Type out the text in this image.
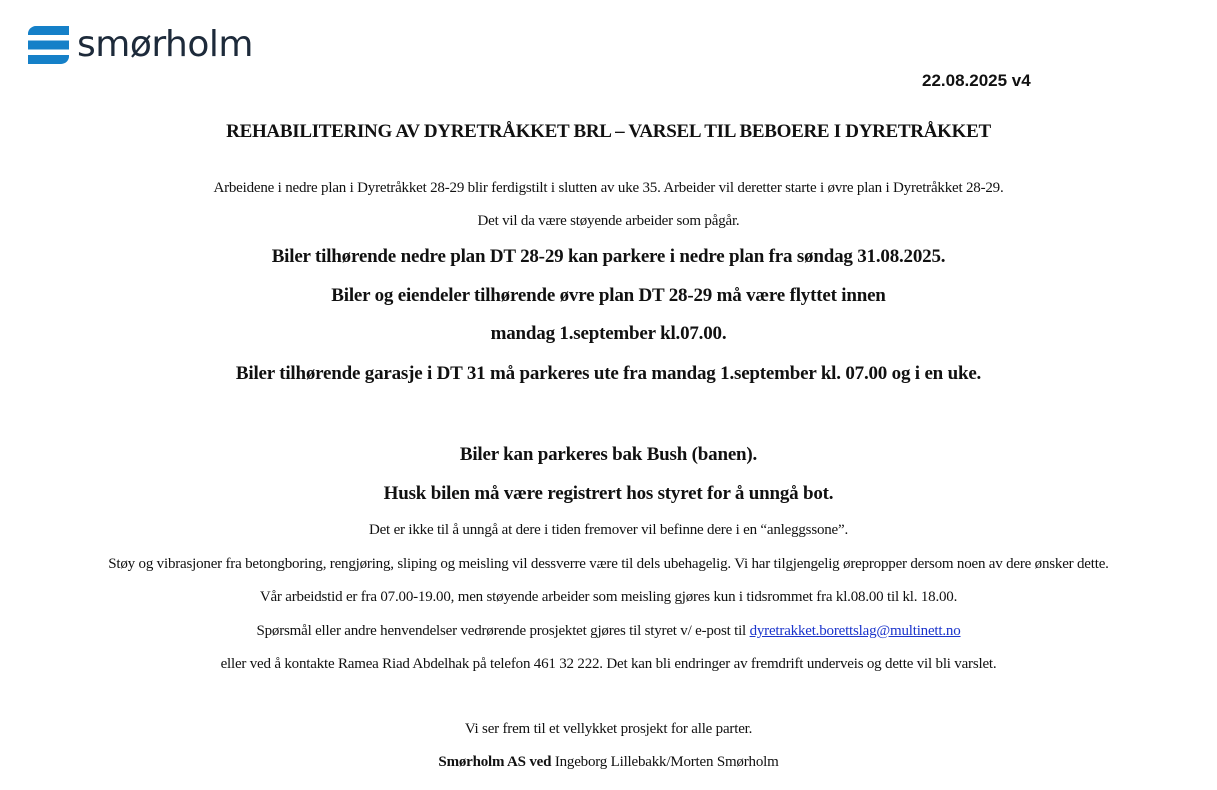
smørholm
22.08.2025 v4
REHABILITERING AV DYRETRÅKKET BRL – VARSEL TIL BEBOERE I DYRETRÅKKET
Arbeidene i nedre plan i Dyretråkket 28-29 blir ferdigstilt i slutten av uke 35. Arbeider vil deretter starte i øvre plan i Dyretråkket 28-29.
Det vil da være støyende arbeider som pågår.
Biler tilhørende nedre plan DT 28-29 kan parkere i nedre plan fra søndag 31.08.2025.
Biler og eiendeler tilhørende øvre plan DT 28-29 må være flyttet innen
mandag 1.september kl.07.00.
Biler tilhørende garasje i DT 31 må parkeres ute fra mandag 1.september kl. 07.00 og i en uke.
Biler kan parkeres bak Bush (banen).
Husk bilen må være registrert hos styret for å unngå bot.
Det er ikke til å unngå at dere i tiden fremover vil befinne dere i en “anleggssone”.
Støy og vibrasjoner fra betongboring, rengjøring, sliping og meisling vil dessverre være til dels ubehagelig. Vi har tilgjengelig ørepropper dersom noen av dere ønsker dette.
Vår arbeidstid er fra 07.00-19.00, men støyende arbeider som meisling gjøres kun i tidsrommet fra kl.08.00 til kl. 18.00.
Spørsmål eller andre henvendelser vedrørende prosjektet gjøres til styret v/ e-post til dyretrakket.borettslag@multinett.no
eller ved å kontakte Ramea Riad Abdelhak på telefon 461 32 222. Det kan bli endringer av fremdrift underveis og dette vil bli varslet.
Vi ser frem til et vellykket prosjekt for alle parter.
Smørholm AS ved Ingeborg Lillebakk/Morten Smørholm
